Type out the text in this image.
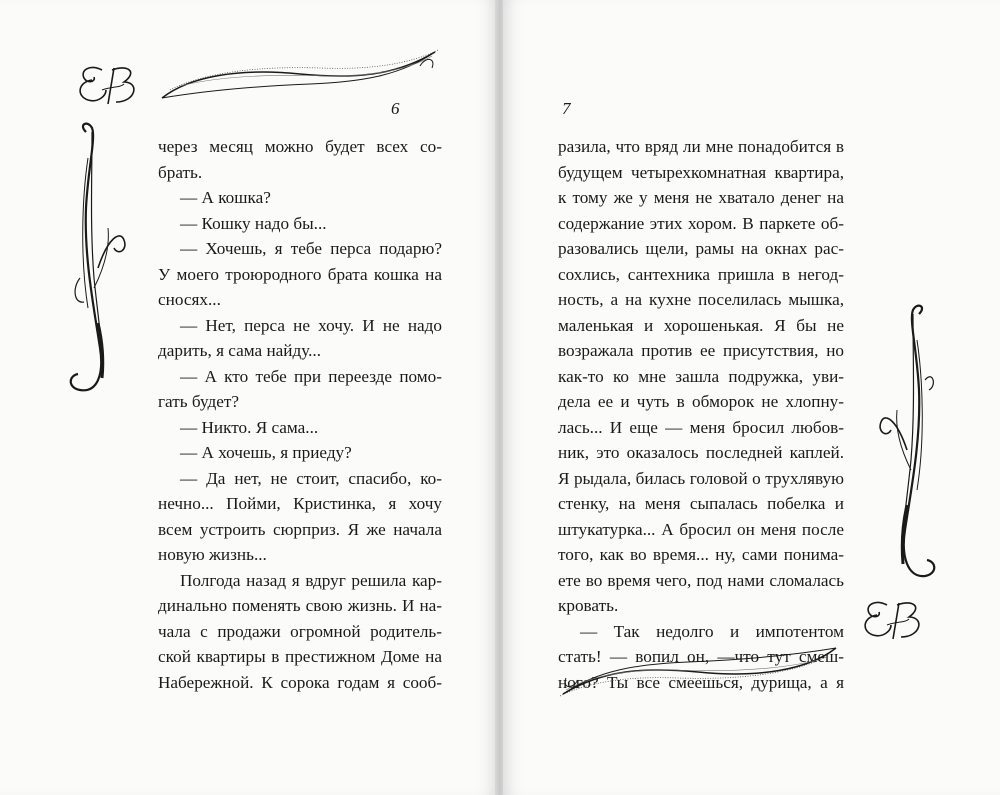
6

через месяц можно будет всех со-

брать.

— А кошка?

— Кошку надо бы...

— Хочешь, я тебе перса подарю?

У моего троюродного брата кошка на

сносях...

— Нет, перса не хочу. И не надо

дарить, я сама найду...

— А кто тебе при переезде помо-

гать будет?

— Никто. Я сама...

— А хочешь, я приеду?

— Да нет, не стоит, спасибо, ко-

нечно... Пойми, Кристинка, я хочу

всем устроить сюрприз. Я же начала

новую жизнь...

Полгода назад я вдруг решила кар-

динально поменять свою жизнь. И на-

чала с продажи огромной родитель-

ской квартиры в престижном Доме на

Набережной. К сорока годам я сооб-

7

разила, что вряд ли мне понадобится в

будущем четырехкомнатная квартира,

к тому же у меня не хватало денег на

содержание этих хором. В паркете об-

разовались щели, рамы на окнах рас-

сохлись, сантехника пришла в негод-

ность, а на кухне поселилась мышка,

маленькая и хорошенькая. Я бы не

возражала против ее присутствия, но

как-то ко мне зашла подружка, уви-

дела ее и чуть в обморок не хлопну-

лась... И еще — меня бросил любов-

ник, это оказалось последней каплей.

Я рыдала, билась головой о трухлявую

стенку, на меня сыпалась побелка и

штукатурка... А бросил он меня после

того, как во время... ну, сами понима-

ете во время чего, под нами сломалась

кровать.

— Так недолго и импотентом

стать! — вопил он, —что тут смеш-

ного? Ты все смеешься, дурища, а я
